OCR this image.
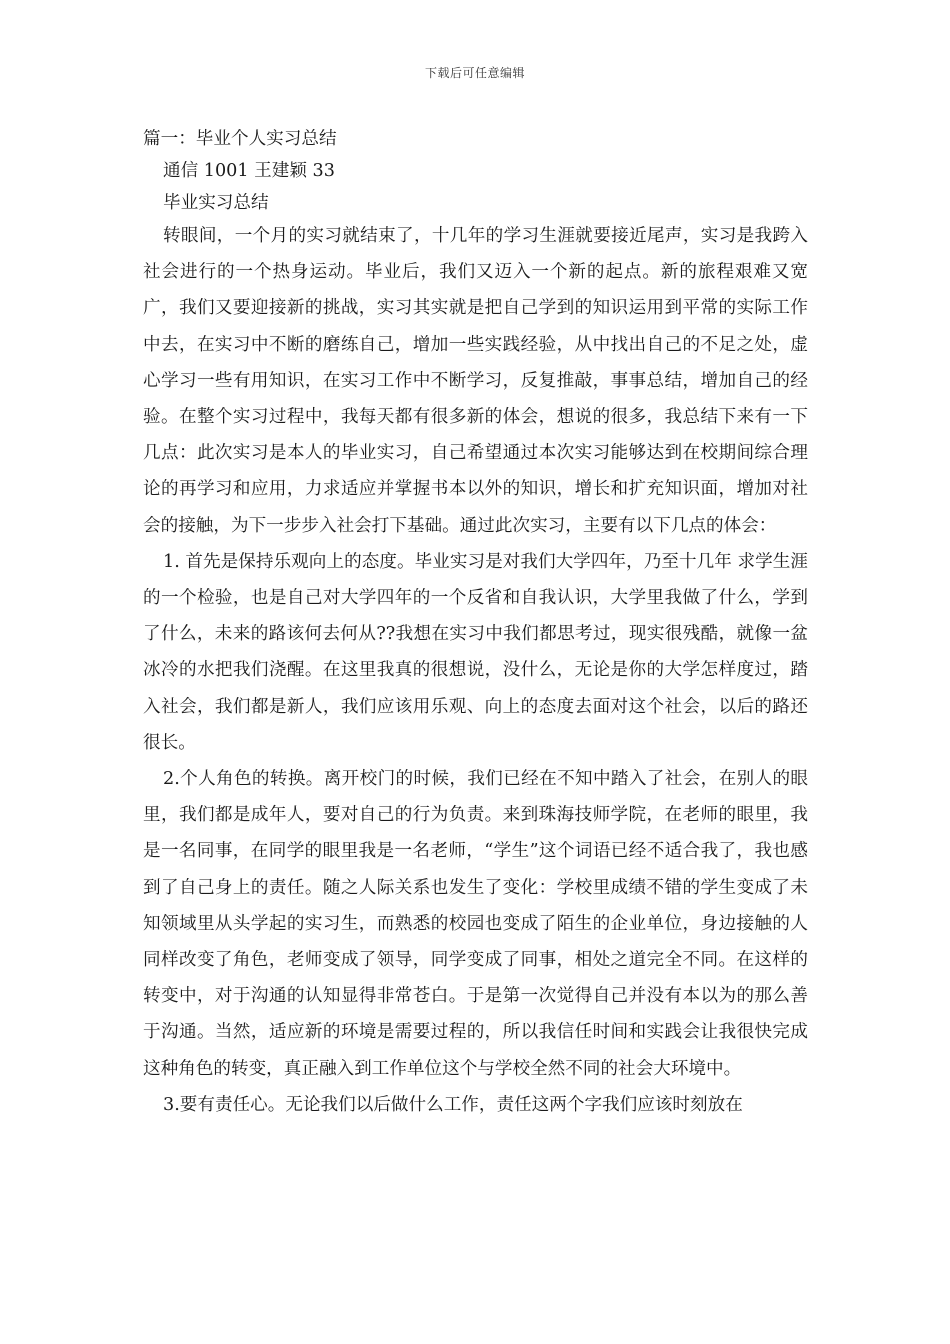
下载后可任意编辑

篇一：毕业个人实习总结

通信 1001 王建颖 33

毕业实习总结

转眼间，一个月的实习就结束了，十几年的学习生涯就要接近尾声，实习是我跨入社会进行的一个热身运动。毕业后，我们又迈入一个新的起点。新的旅程艰难又宽广，我们又要迎接新的挑战，实习其实就是把自己学到的知识运用到平常的实际工作中去，在实习中不断的磨练自己，增加一些实践经验，从中找出自己的不足之处，虚心学习一些有用知识，在实习工作中不断学习，反复推敲，事事总结，增加自己的经验。在整个实习过程中，我每天都有很多新的体会，想说的很多，我总结下来有一下几点：此次实习是本人的毕业实习，自己希望通过本次实习能够达到在校期间综合理论的再学习和应用，力求适应并掌握书本以外的知识，增长和扩充知识面，增加对社会的接触，为下一步步入社会打下基础。通过此次实习，主要有以下几点的体会：

1. 首先是保持乐观向上的态度。毕业实习是对我们大学四年，乃至十几年 求学生涯的一个检验，也是自己对大学四年的一个反省和自我认识，大学里我做了什么，学到了什么，未来的路该何去何从??我想在实习中我们都思考过，现实很残酷，就像一盆冰冷的水把我们浇醒。在这里我真的很想说，没什么，无论是你的大学怎样度过，踏入社会，我们都是新人，我们应该用乐观、向上的态度去面对这个社会，以后的路还很长。

2.个人角色的转换。离开校门的时候，我们已经在不知中踏入了社会，在别人的眼里，我们都是成年人，要对自己的行为负责。来到珠海技师学院，在老师的眼里，我是一名同事，在同学的眼里我是一名老师，“学生”这个词语已经不适合我了，我也感到了自己身上的责任。随之人际关系也发生了变化：学校里成绩不错的学生变成了未知领域里从头学起的实习生，而熟悉的校园也变成了陌生的企业单位，身边接触的人同样改变了角色，老师变成了领导，同学变成了同事，相处之道完全不同。在这样的转变中，对于沟通的认知显得非常苍白。于是第一次觉得自己并没有本以为的那么善于沟通。当然，适应新的环境是需要过程的，所以我信任时间和实践会让我很快完成这种角色的转变，真正融入到工作单位这个与学校全然不同的社会大环境中。

3.要有责任心。无论我们以后做什么工作，责任这两个字我们应该时刻放在
